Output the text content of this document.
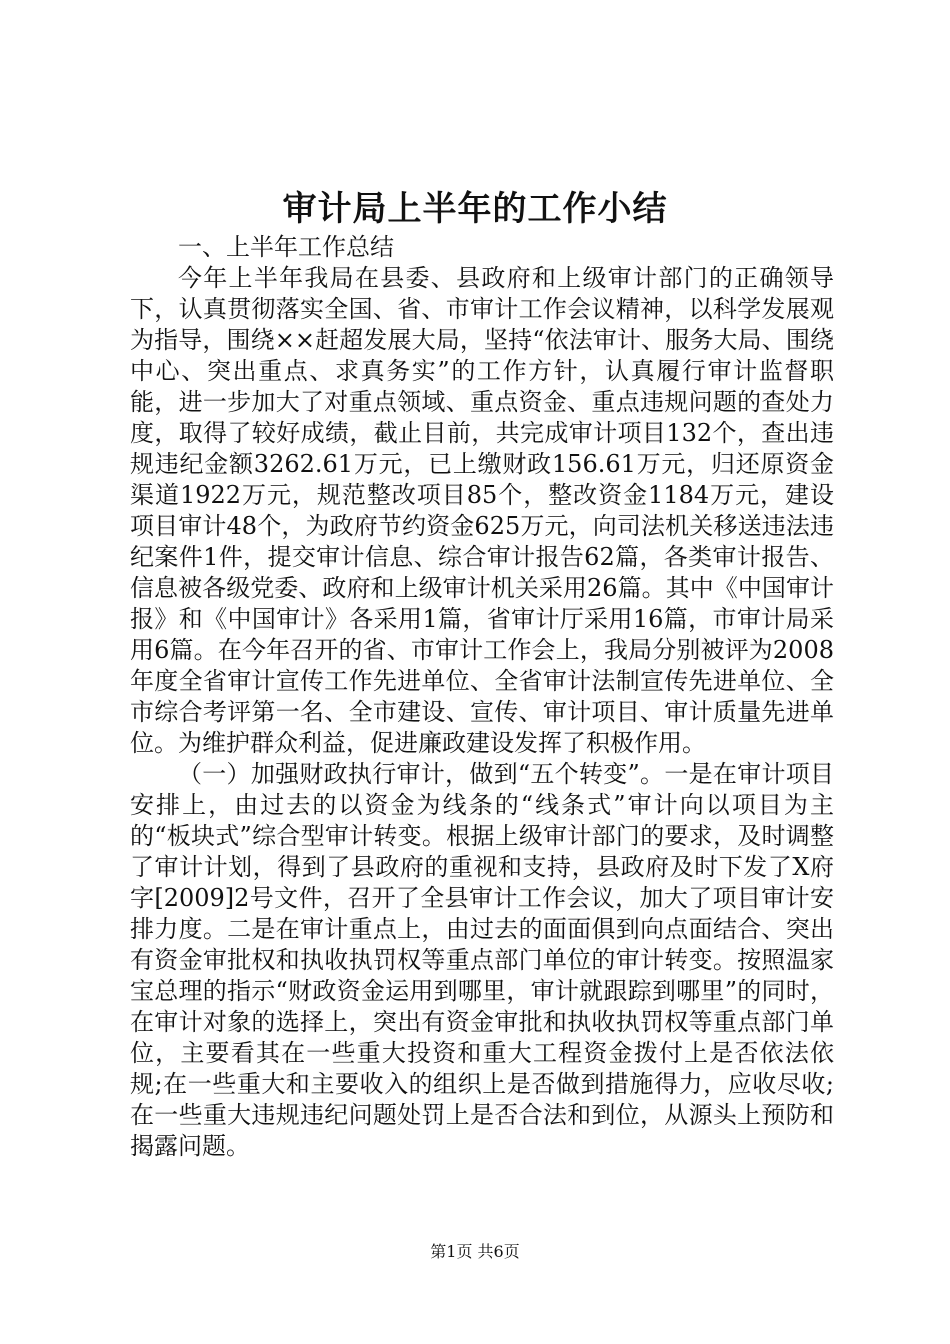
审计局上半年的工作小结

一、上半年工作总结

今年上半年我局在县委、县政府和上级审计部门的正确领导下，认真贯彻落实全国、省、市审计工作会议精神，以科学发展观为指导，围绕××赶超发展大局，坚持“依法审计、服务大局、围绕中心、突出重点、求真务实”的工作方针，认真履行审计监督职能，进一步加大了对重点领域、重点资金、重点违规问题的查处力度，取得了较好成绩，截止目前，共完成审计项目132个，查出违规违纪金额3262.61万元，已上缴财政156.61万元，归还原资金渠道1922万元，规范整改项目85个，整改资金1184万元，建设项目审计48个，为政府节约资金625万元，向司法机关移送违法违纪案件1件，提交审计信息、综合审计报告62篇，各类审计报告、信息被各级党委、政府和上级审计机关采用26篇。其中《中国审计报》和《中国审计》各采用1篇，省审计厅采用16篇，市审计局采用6篇。在今年召开的省、市审计工作会上，我局分别被评为2008年度全省审计宣传工作先进单位、全省审计法制宣传先进单位、全市综合考评第一名、全市建设、宣传、审计项目、审计质量先进单位。为维护群众利益，促进廉政建设发挥了积极作用。

（一）加强财政执行审计，做到“五个转变”。一是在审计项目安排上，由过去的以资金为线条的“线条式”审计向以项目为主的“板块式”综合型审计转变。根据上级审计部门的要求，及时调整了审计计划，得到了县政府的重视和支持，县政府及时下发了X府字[2009]2号文件，召开了全县审计工作会议，加大了项目审计安排力度。二是在审计重点上，由过去的面面俱到向点面结合、突出有资金审批权和执收执罚权等重点部门单位的审计转变。按照温家宝总理的指示“财政资金运用到哪里，审计就跟踪到哪里”的同时，在审计对象的选择上，突出有资金审批和执收执罚权等重点部门单位，主要看其在一些重大投资和重大工程资金拨付上是否依法依规;在一些重大和主要收入的组织上是否做到措施得力，应收尽收;在一些重大违规违纪问题处罚上是否合法和到位，从源头上预防和揭露问题。

第1页 共6页
